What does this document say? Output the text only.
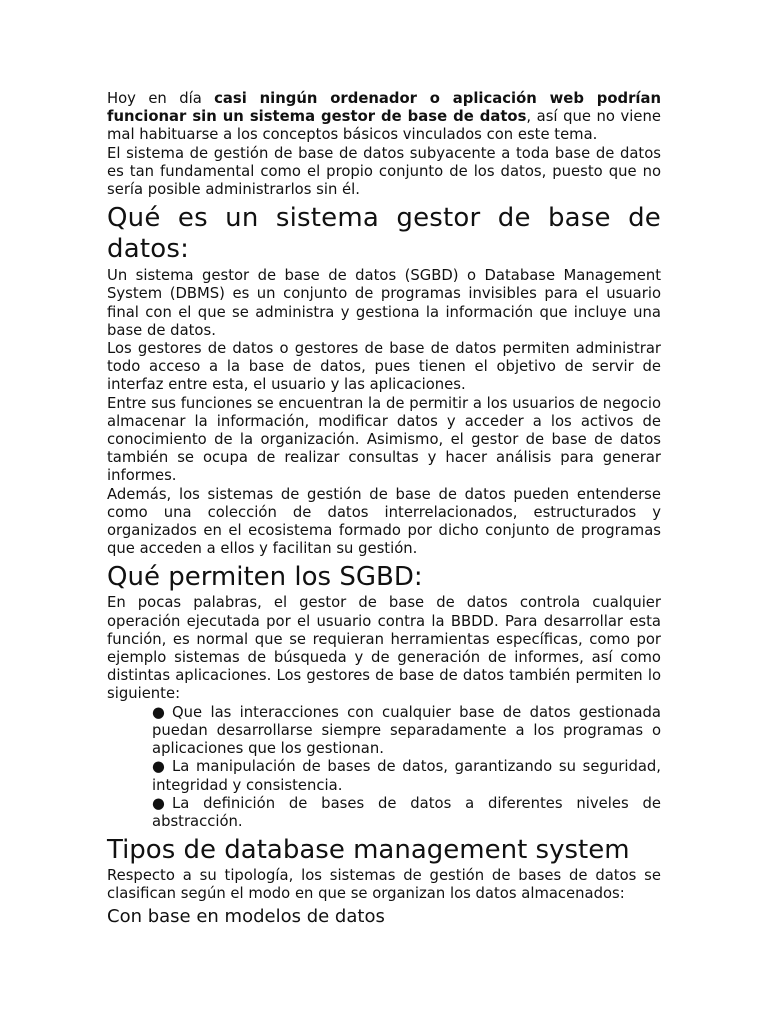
Hoy en día casi ningún ordenador o aplicación web podrían funcionar sin un sistema gestor de base de datos, así que no viene mal habituarse a los conceptos básicos vinculados con este tema.

El sistema de gestión de base de datos subyacente a toda base de datos es tan fundamental como el propio conjunto de los datos, puesto que no sería posible administrarlos sin él.

Qué es un sistema gestor de base de datos:

Un sistema gestor de base de datos (SGBD) o Database Management System (DBMS) es un conjunto de programas invisibles para el usuario final con el que se administra y gestiona la información que incluye una base de datos.

Los gestores de datos o gestores de base de datos permiten administrar todo acceso a la base de datos, pues tienen el objetivo de servir de interfaz entre esta, el usuario y las aplicaciones.

Entre sus funciones se encuentran la de permitir a los usuarios de negocio almacenar la información, modificar datos y acceder a los activos de conocimiento de la organización. Asimismo, el gestor de base de datos también se ocupa de realizar consultas y hacer análisis para generar informes.

Además, los sistemas de gestión de base de datos pueden entenderse como una colección de datos interrelacionados, estructurados y organizados en el ecosistema formado por dicho conjunto de programas que acceden a ellos y facilitan su gestión.

Qué permiten los SGBD:

En pocas palabras, el gestor de base de datos controla cualquier operación ejecutada por el usuario contra la BBDD. Para desarrollar esta función, es normal que se requieran herramientas específicas, como por ejemplo sistemas de búsqueda y de generación de informes, así como distintas aplicaciones. Los gestores de base de datos también permiten lo siguiente:

● Que las interacciones con cualquier base de datos gestionada puedan desarrollarse siempre separadamente a los programas o aplicaciones que los gestionan.
● La manipulación de bases de datos, garantizando su seguridad, integridad y consistencia.
● La definición de bases de datos a diferentes niveles de abstracción.
Tipos de database management system

Respecto a su tipología, los sistemas de gestión de bases de datos se clasifican según el modo en que se organizan los datos almacenados:

Con base en modelos de datos
